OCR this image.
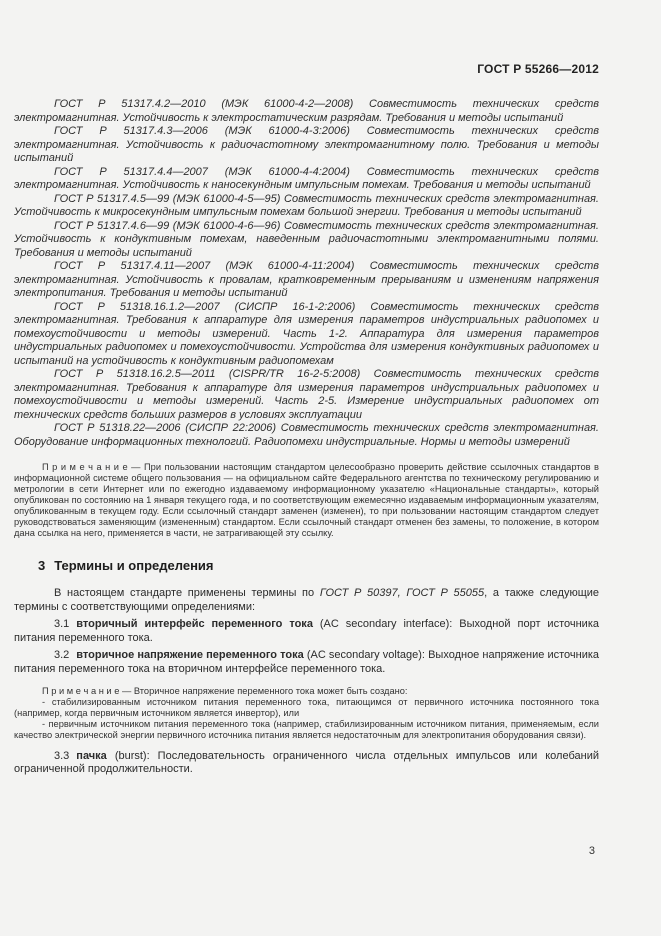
ГОСТ Р 55266—2012

ГОСТ Р 51317.4.2—2010 (МЭК 61000-4-2—2008) Совместимость технических средств электромагнитная. Устойчивость к электростатическим разрядам. Требования и методы испытаний

ГОСТ Р 51317.4.3—2006 (МЭК 61000-4-3:2006) Совместимость технических средств электромагнитная. Устойчивость к радиочастотному электромагнитному полю. Требования и методы испытаний

ГОСТ Р 51317.4.4—2007 (МЭК 61000-4-4:2004) Совместимость технических средств электромагнитная. Устойчивость к наносекундным импульсным помехам. Требования и методы испытаний

ГОСТ Р 51317.4.5—99 (МЭК 61000-4-5—95) Совместимость технических средств электромагнитная. Устойчивость к микросекундным импульсным помехам большой энергии. Требования и методы испытаний

ГОСТ Р 51317.4.6—99 (МЭК 61000-4-6—96) Совместимость технических средств электромагнитная. Устойчивость к кондуктивным помехам, наведенным радиочастотными электромагнитными полями. Требования и методы испытаний

ГОСТ Р 51317.4.11—2007 (МЭК 61000-4-11:2004) Совместимость технических средств электромагнитная. Устойчивость к провалам, кратковременным прерываниям и изменениям напряжения электропитания. Требования и методы испытаний

ГОСТ Р 51318.16.1.2—2007 (СИСПР 16-1-2:2006) Совместимость технических средств электромагнитная. Требования к аппаратуре для измерения параметров индустриальных радиопомех и помехоустойчивости и методы измерений. Часть 1-2. Аппаратура для измерения параметров индустриальных радиопомех и помехоустойчивости. Устройства для измерения кондуктивных радиопомех и испытаний на устойчивость к кондуктивным радиопомехам

ГОСТ Р 51318.16.2.5—2011 (CISPR/TR 16-2-5:2008) Совместимость технических средств электромагнитная. Требования к аппаратуре для измерения параметров индустриальных радиопомех и помехоустойчивости и методы измерений. Часть 2-5. Измерение индустриальных радиопомех от технических средств больших размеров в условиях эксплуатации

ГОСТ Р 51318.22—2006 (СИСПР 22:2006) Совместимость технических средств электромагнитная. Оборудование информационных технологий. Радиопомехи индустриальные. Нормы и методы измерений

П р и м е ч а н и е — При пользовании настоящим стандартом целесообразно проверить действие ссылочных стандартов в информационной системе общего пользования — на официальном сайте Федерального агентства по техническому регулированию и метрологии в сети Интернет или по ежегодно издаваемому информационному указателю «Национальные стандарты», который опубликован по состоянию на 1 января текущего года, и по соответствующим ежемесячно издаваемым информационным указателям, опубликованным в текущем году. Если ссылочный стандарт заменен (изменен), то при пользовании настоящим стандартом следует руководствоваться заменяющим (измененным) стандартом. Если ссылочный стандарт отменен без замены, то положение, в котором дана ссылка на него, применяется в части, не затрагивающей эту ссылку.

3 Термины и определения

В настоящем стандарте применены термины по ГОСТ Р 50397, ГОСТ Р 55055, а также следующие термины с соответствующими определениями:

3.1 вторичный интерфейс переменного тока (AC secondary interface): Выходной порт источника питания переменного тока.

3.2 вторичное напряжение переменного тока (AC secondary voltage): Выходное напряжение источника питания переменного тока на вторичном интерфейсе переменного тока.

П р и м е ч а н и е — Вторичное напряжение переменного тока может быть создано:

- стабилизированным источником питания переменного тока, питающимся от первичного источника постоянного тока (например, когда первичным источником является инвертор), или

- первичным источником питания переменного тока (например, стабилизированным источником питания, применяемым, если качество электрической энергии первичного источника питания является недостаточным для электропитания оборудования связи).

3.3 пачка (burst): Последовательность ограниченного числа отдельных импульсов или колебаний ограниченной продолжительности.

3
